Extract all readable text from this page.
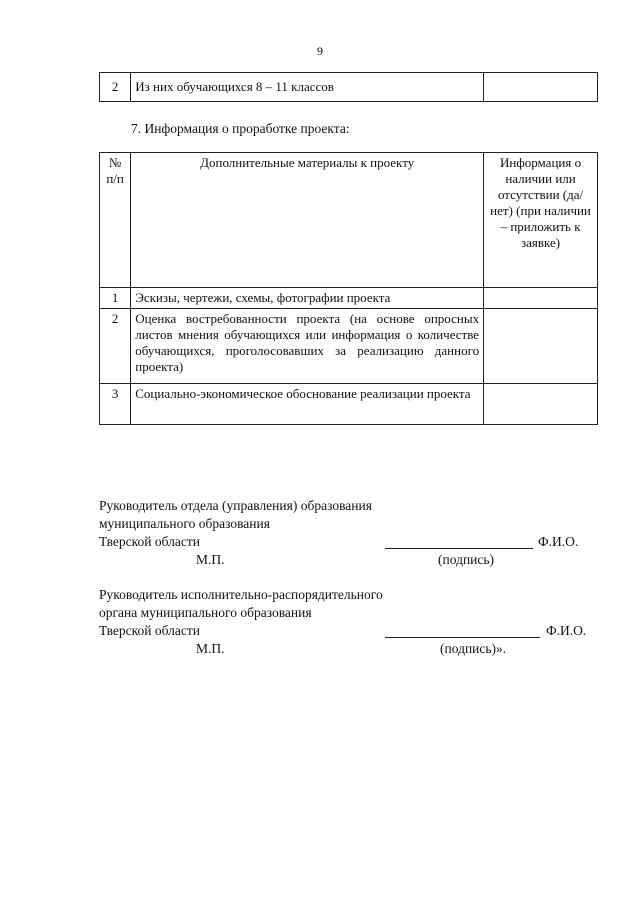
9
2	Из них обучающихся 8 – 11 классов	
7. Информация о проработке проекта:
№ п/п	Дополнительные материалы к проекту	Информация о наличии или отсутствии (да/нет) (при наличии – приложить к заявке)
1	Эскизы, чертежи, схемы, фотографии проекта	
2	Оценка востребованности проекта (на основе опросных листов мнения обучающихся или информация о количестве обучающихся, проголосовавших за реализацию данного проекта)	
3	Социально-экономическое обоснование реализации проекта	
Руководитель отдела (управления) образования
муниципального образования
Тверской области	Ф.И.О.
М.П.	(подпись)
Руководитель исполнительно-распорядительного
органа муниципального образования
Тверской области	Ф.И.О.
М.П.	(подпись)».
